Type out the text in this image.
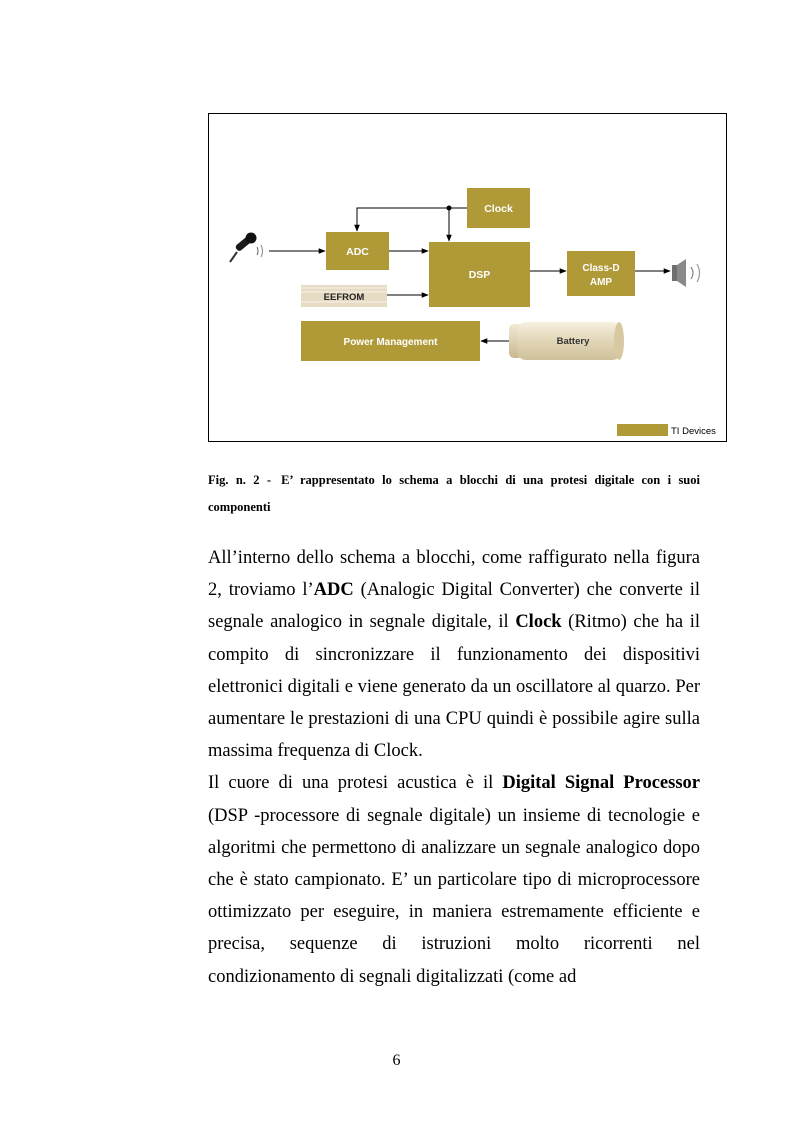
Clock
ADC
DSP
Class-D
AMP
EEFROM
Power Management	Battery
TI Devices
Fig. n. 2 - E’ rappresentato lo schema a blocchi di una protesi digitale con i suoi componenti

All’interno dello schema a blocchi, come raffigurato nella figura 2, troviamo l’ADC (Analogic Digital Converter) che converte il segnale analogico in segnale digitale, il Clock (Ritmo) che ha il compito di sincronizzare il funzionamento dei dispositivi elettronici digitali e viene generato da un oscillatore al quarzo. Per aumentare le prestazioni di una CPU quindi è possibile agire sulla massima frequenza di Clock.

Il cuore di una protesi acustica è il Digital Signal Processor (DSP -processore di segnale digitale) un insieme di tecnologie e algoritmi che permettono di analizzare un segnale analogico dopo che è stato campionato. E’ un particolare tipo di microprocessore ottimizzato per eseguire, in maniera estremamente efficiente e precisa, sequenze di istruzioni molto ricorrenti nel condizionamento di segnali digitalizzati (come ad

6
